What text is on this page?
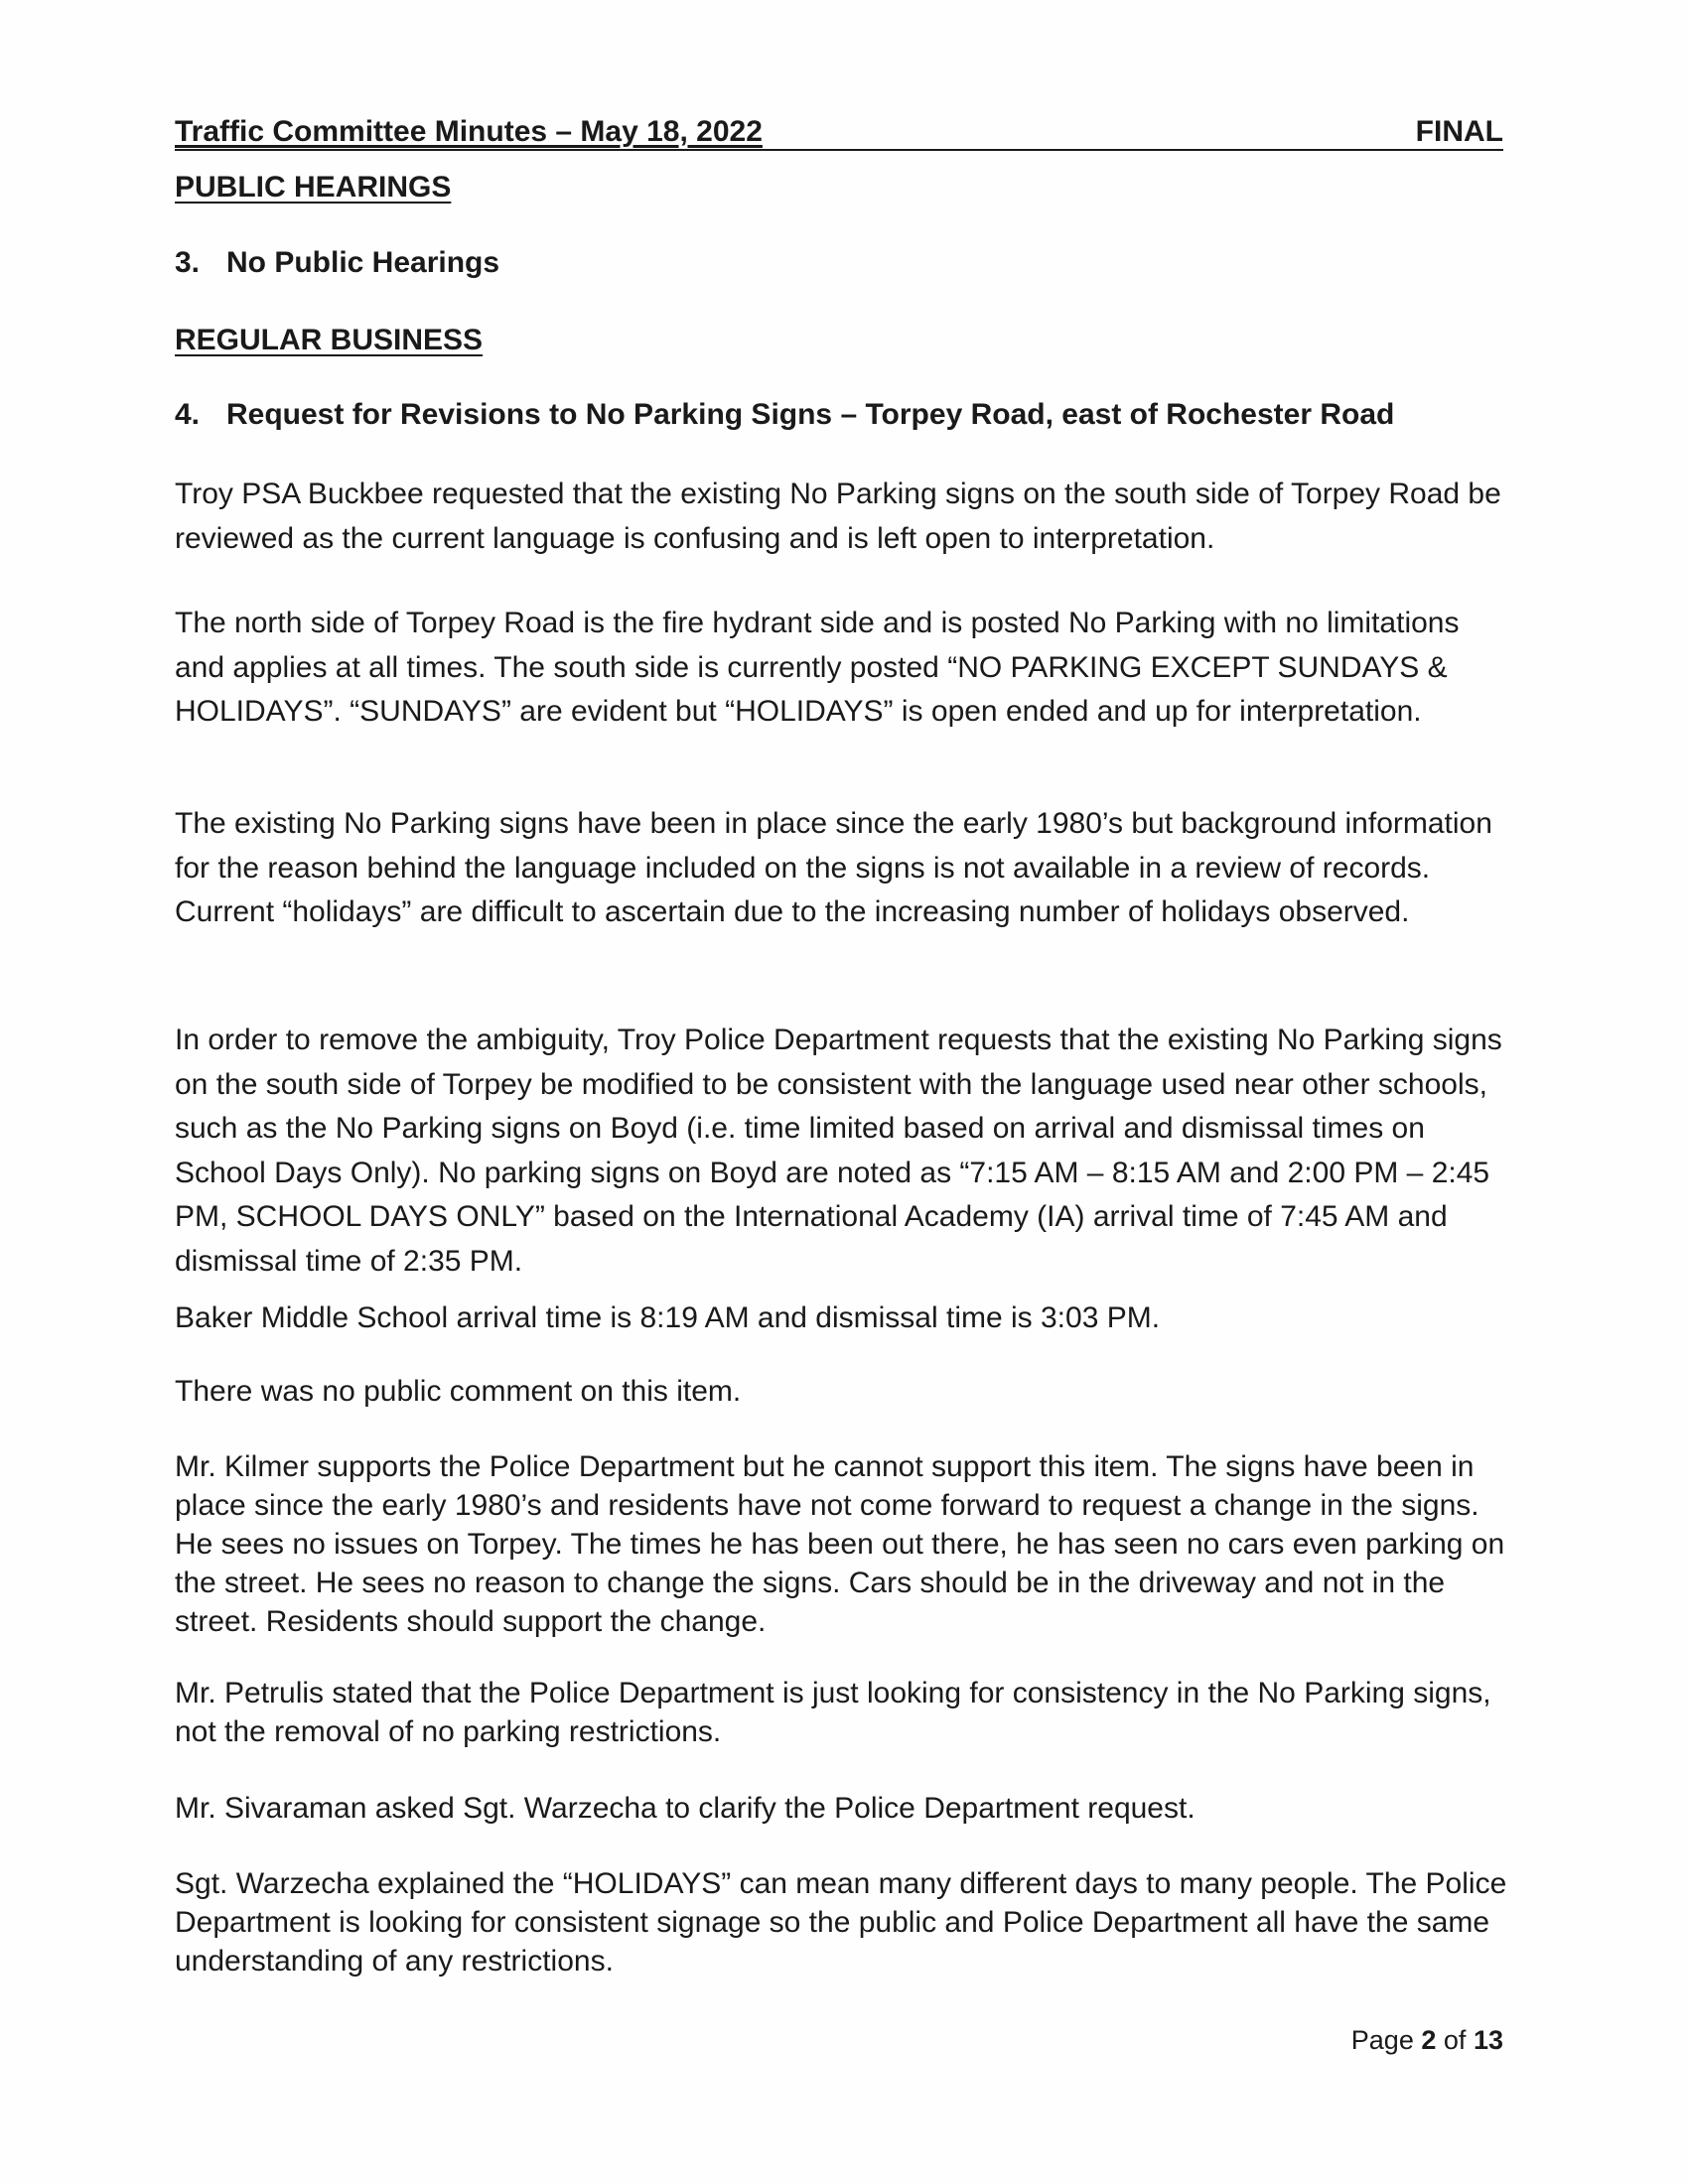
Traffic Committee Minutes – May 18, 2022	FINAL
PUBLIC HEARINGS
3. No Public Hearings
REGULAR BUSINESS
4. Request for Revisions to No Parking Signs – Torpey Road, east of Rochester Road

Troy PSA Buckbee requested that the existing No Parking signs on the south side of Torpey Road be reviewed as the current language is confusing and is left open to interpretation.

The north side of Torpey Road is the fire hydrant side and is posted No Parking with no limitations and applies at all times. The south side is currently posted “NO PARKING EXCEPT SUNDAYS & HOLIDAYS”. “SUNDAYS” are evident but “HOLIDAYS” is open ended and up for interpretation.

The existing No Parking signs have been in place since the early 1980’s but background information for the reason behind the language included on the signs is not available in a review of records. Current “holidays” are difficult to ascertain due to the increasing number of holidays observed.

In order to remove the ambiguity, Troy Police Department requests that the existing No Parking signs on the south side of Torpey be modified to be consistent with the language used near other schools, such as the No Parking signs on Boyd (i.e. time limited based on arrival and dismissal times on School Days Only). No parking signs on Boyd are noted as “7:15 AM – 8:15 AM and 2:00 PM – 2:45 PM, SCHOOL DAYS ONLY” based on the International Academy (IA) arrival time of 7:45 AM and dismissal time of 2:35 PM.

Baker Middle School arrival time is 8:19 AM and dismissal time is 3:03 PM.

There was no public comment on this item.

Mr. Kilmer supports the Police Department but he cannot support this item. The signs have been in place since the early 1980’s and residents have not come forward to request a change in the signs. He sees no issues on Torpey. The times he has been out there, he has seen no cars even parking on the street. He sees no reason to change the signs. Cars should be in the driveway and not in the street. Residents should support the change.

Mr. Petrulis stated that the Police Department is just looking for consistency in the No Parking signs, not the removal of no parking restrictions.

Mr. Sivaraman asked Sgt. Warzecha to clarify the Police Department request.

Sgt. Warzecha explained the “HOLIDAYS” can mean many different days to many people. The Police Department is looking for consistent signage so the public and Police Department all have the same understanding of any restrictions.

Page 2 of 13
